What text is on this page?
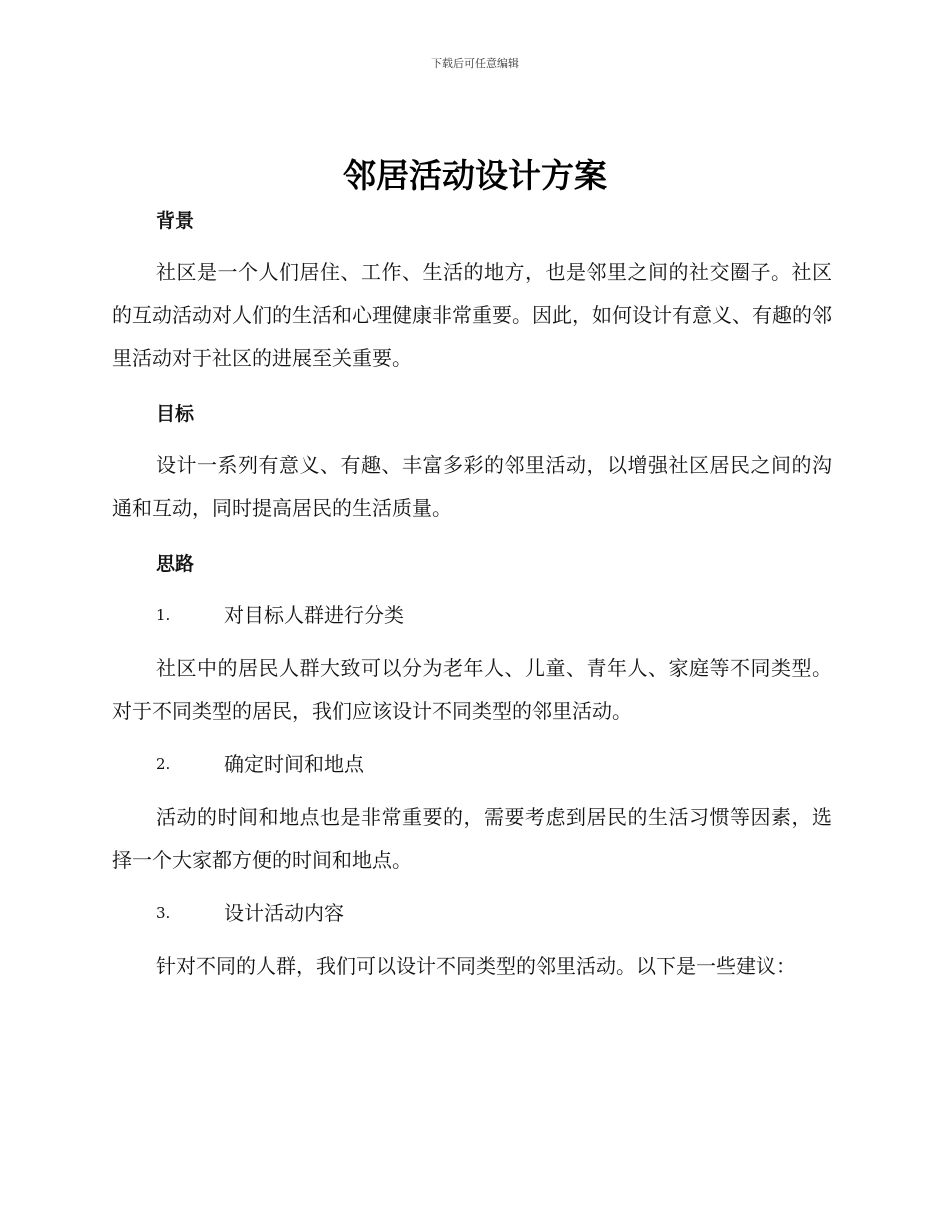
下载后可任意编辑
邻居活动设计方案
背景

社区是一个人们居住、工作、生活的地方，也是邻里之间的社交圈子。社区的互动活动对人们的生活和心理健康非常重要。因此，如何设计有意义、有趣的邻里活动对于社区的进展至关重要。

目标

设计一系列有意义、有趣、丰富多彩的邻里活动，以增强社区居民之间的沟通和互动，同时提高居民的生活质量。

思路
1.	对目标人群进行分类

社区中的居民人群大致可以分为老年人、儿童、青年人、家庭等不同类型。对于不同类型的居民，我们应该设计不同类型的邻里活动。

2.	确定时间和地点

活动的时间和地点也是非常重要的，需要考虑到居民的生活习惯等因素，选择一个大家都方便的时间和地点。

3.	设计活动内容

针对不同的人群，我们可以设计不同类型的邻里活动。以下是一些建议：
